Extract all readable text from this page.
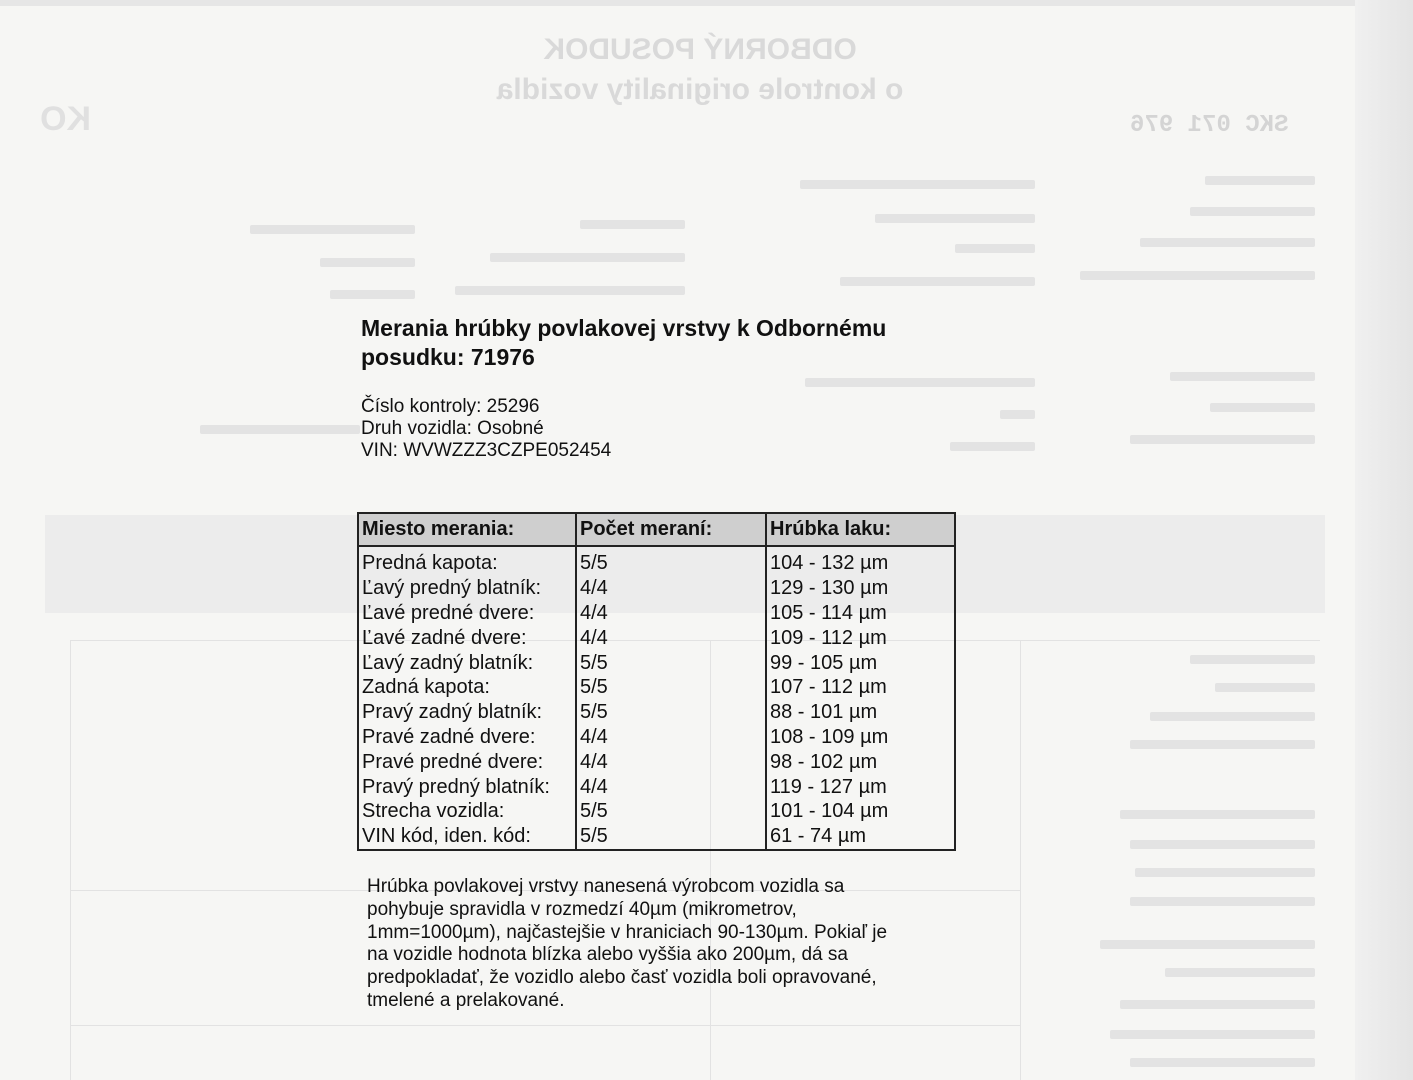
KO
ODBORNÝ POSUDOK
o kontrole originality vozidla
SKC 071 976
Merania hrúbky povlakovej vrstvy k Odbornému posudku: 71976
Číslo kontroly: 25296
Druh vozidla: Osobné
VIN: WVWZZZ3CZPE052454
Miesto merania:	Počet meraní:	Hrúbka laku:
Predná kapota:	5/5	104 - 132 µm
Ľavý predný blatník:	4/4	129 - 130 µm
Ľavé predné dvere:	4/4	105 - 114 µm
Ľavé zadné dvere:	4/4	109 - 112 µm
Ľavý zadný blatník:	5/5	99 - 105 µm
Zadná kapota:	5/5	107 - 112 µm
Pravý zadný blatník:	5/5	88 - 101 µm
Pravé zadné dvere:	4/4	108 - 109 µm
Pravé predné dvere:	4/4	98 - 102 µm
Pravý predný blatník:	4/4	119 - 127 µm
Strecha vozidla:	5/5	101 - 104 µm
VIN kód, iden. kód:	5/5	61 - 74 µm
Hrúbka povlakovej vrstvy nanesená výrobcom vozidla sa
pohybuje spravidla v rozmedzí 40µm (mikrometrov,
1mm=1000µm), najčastejšie v hraniciach 90-130µm. Pokiaľ je
na vozidle hodnota blízka alebo vyššia ako 200µm, dá sa
predpokladať, že vozidlo alebo časť vozidla boli opravované,
tmelené a prelakované.
